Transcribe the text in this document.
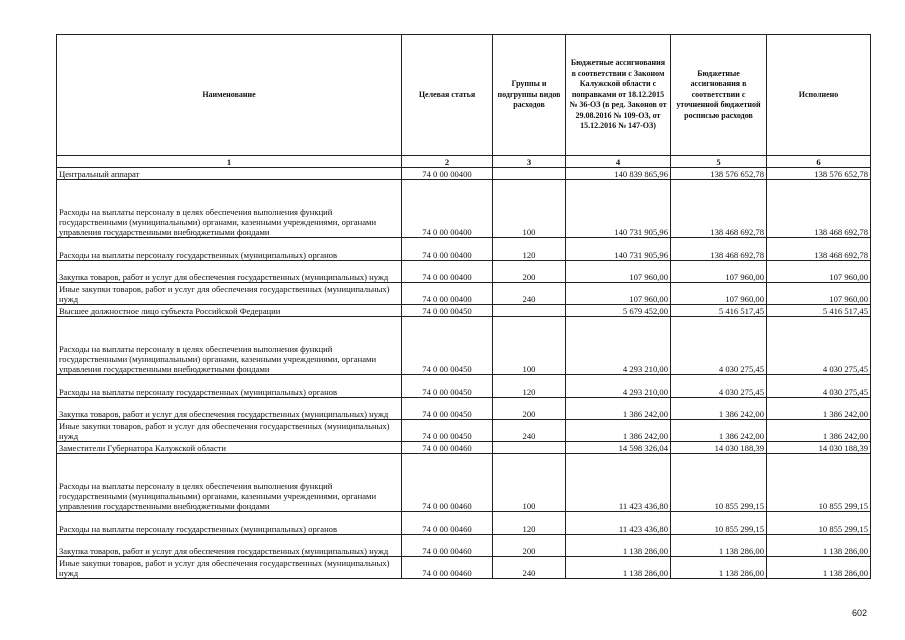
Наименование	Целевая статья	Группы и подгруппы видов расходов	Бюджетные ассигнования в соответствии с Законом Калужской области с поправками от 18.12.2015 № 36-ОЗ (в ред. Законов от 29.08.2016 № 109-ОЗ, от 15.12.2016 № 147-ОЗ)	Бюджетные ассигнования в соответствии с уточненной бюджетной росписью расходов	Исполнено
1	2	3	4	5	6
Центральный аппарат	74 0 00 00400		140 839 865,96	138 576 652,78	138 576 652,78
Расходы на выплаты персоналу в целях обеспечения выполнения функций государственными (муниципальными) органами, казенными учреждениями, органами управления государственными внебюджетными фондами	74 0 00 00400	100	140 731 905,96	138 468 692,78	138 468 692,78
Расходы на выплаты персоналу государственных (муниципальных) органов	74 0 00 00400	120	140 731 905,96	138 468 692,78	138 468 692,78
Закупка товаров, работ и услуг для обеспечения государственных (муниципальных) нужд	74 0 00 00400	200	107 960,00	107 960,00	107 960,00
Иные закупки товаров, работ и услуг для обеспечения государственных (муниципальных) нужд	74 0 00 00400	240	107 960,00	107 960,00	107 960,00
Высшее должностное лицо субъекта Российской Федерации	74 0 00 00450		5 679 452,00	5 416 517,45	5 416 517,45
Расходы на выплаты персоналу в целях обеспечения выполнения функций государственными (муниципальными) органами, казенными учреждениями, органами управления государственными внебюджетными фондами	74 0 00 00450	100	4 293 210,00	4 030 275,45	4 030 275,45
Расходы на выплаты персоналу государственных (муниципальных) органов	74 0 00 00450	120	4 293 210,00	4 030 275,45	4 030 275,45
Закупка товаров, работ и услуг для обеспечения государственных (муниципальных) нужд	74 0 00 00450	200	1 386 242,00	1 386 242,00	1 386 242,00
Иные закупки товаров, работ и услуг для обеспечения государственных (муниципальных) нужд	74 0 00 00450	240	1 386 242,00	1 386 242,00	1 386 242,00
Заместители Губернатора Калужской области	74 0 00 00460		14 598 326,04	14 030 188,39	14 030 188,39
Расходы на выплаты персоналу в целях обеспечения выполнения функций государственными (муниципальными) органами, казенными учреждениями, органами управления государственными внебюджетными фондами	74 0 00 00460	100	11 423 436,80	10 855 299,15	10 855 299,15
Расходы на выплаты персоналу государственных (муниципальных) органов	74 0 00 00460	120	11 423 436,80	10 855 299,15	10 855 299,15
Закупка товаров, работ и услуг для обеспечения государственных (муниципальных) нужд	74 0 00 00460	200	1 138 286,00	1 138 286,00	1 138 286,00
Иные закупки товаров, работ и услуг для обеспечения государственных (муниципальных) нужд	74 0 00 00460	240	1 138 286,00	1 138 286,00	1 138 286,00
602
